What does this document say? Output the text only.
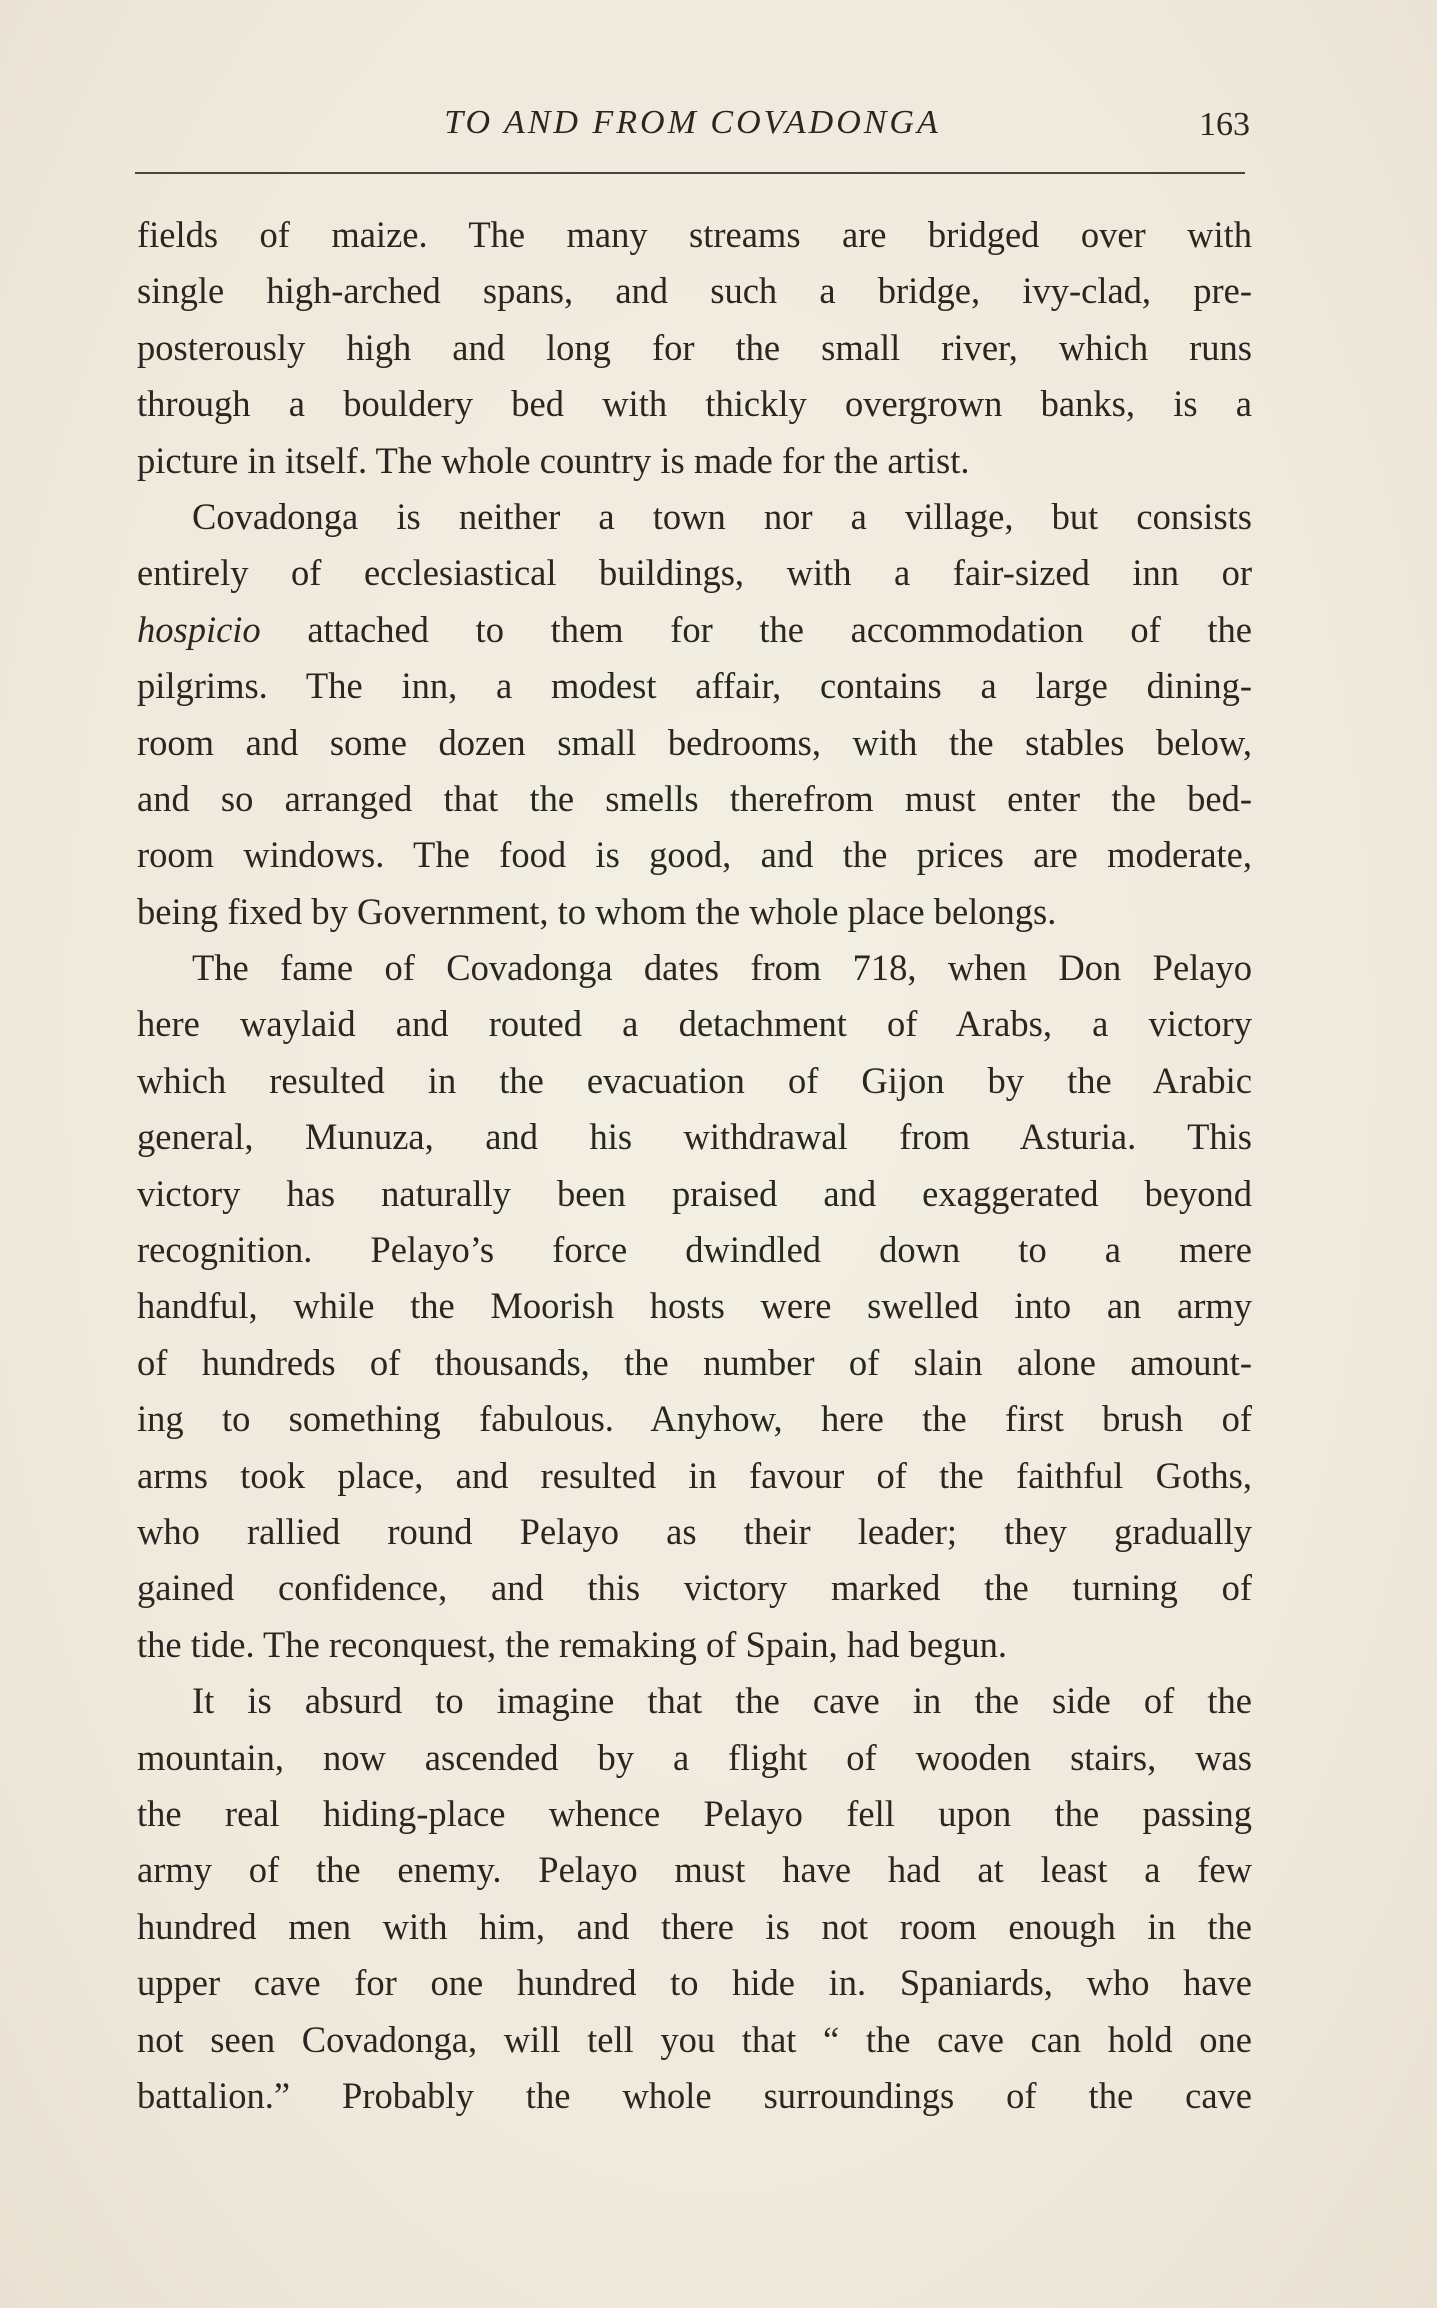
TO AND FROM COVADONGA	163
fields of maize. The many streams are bridged over with
single high-arched spans, and such a bridge, ivy-clad, pre-
posterously high and long for the small river, which runs
through a bouldery bed with thickly overgrown banks, is a
picture in itself. The whole country is made for the artist.
Covadonga is neither a town nor a village, but consists
entirely of ecclesiastical buildings, with a fair-sized inn or
hospicio attached to them for the accommodation of the
pilgrims. The inn, a modest affair, contains a large dining-
room and some dozen small bedrooms, with the stables below,
and so arranged that the smells therefrom must enter the bed-
room windows. The food is good, and the prices are moderate,
being fixed by Government, to whom the whole place belongs.
The fame of Covadonga dates from 718, when Don Pelayo
here waylaid and routed a detachment of Arabs, a victory
which resulted in the evacuation of Gijon by the Arabic
general, Munuza, and his withdrawal from Asturia. This
victory has naturally been praised and exaggerated beyond
recognition. Pelayo’s force dwindled down to a mere
handful, while the Moorish hosts were swelled into an army
of hundreds of thousands, the number of slain alone amount-
ing to something fabulous. Anyhow, here the first brush of
arms took place, and resulted in favour of the faithful Goths,
who rallied round Pelayo as their leader; they gradually
gained confidence, and this victory marked the turning of
the tide. The reconquest, the remaking of Spain, had begun.
It is absurd to imagine that the cave in the side of the
mountain, now ascended by a flight of wooden stairs, was
the real hiding-place whence Pelayo fell upon the passing
army of the enemy. Pelayo must have had at least a few
hundred men with him, and there is not room enough in the
upper cave for one hundred to hide in. Spaniards, who have
not seen Covadonga, will tell you that “ the cave can hold one
battalion.” Probably the whole surroundings of the cave
